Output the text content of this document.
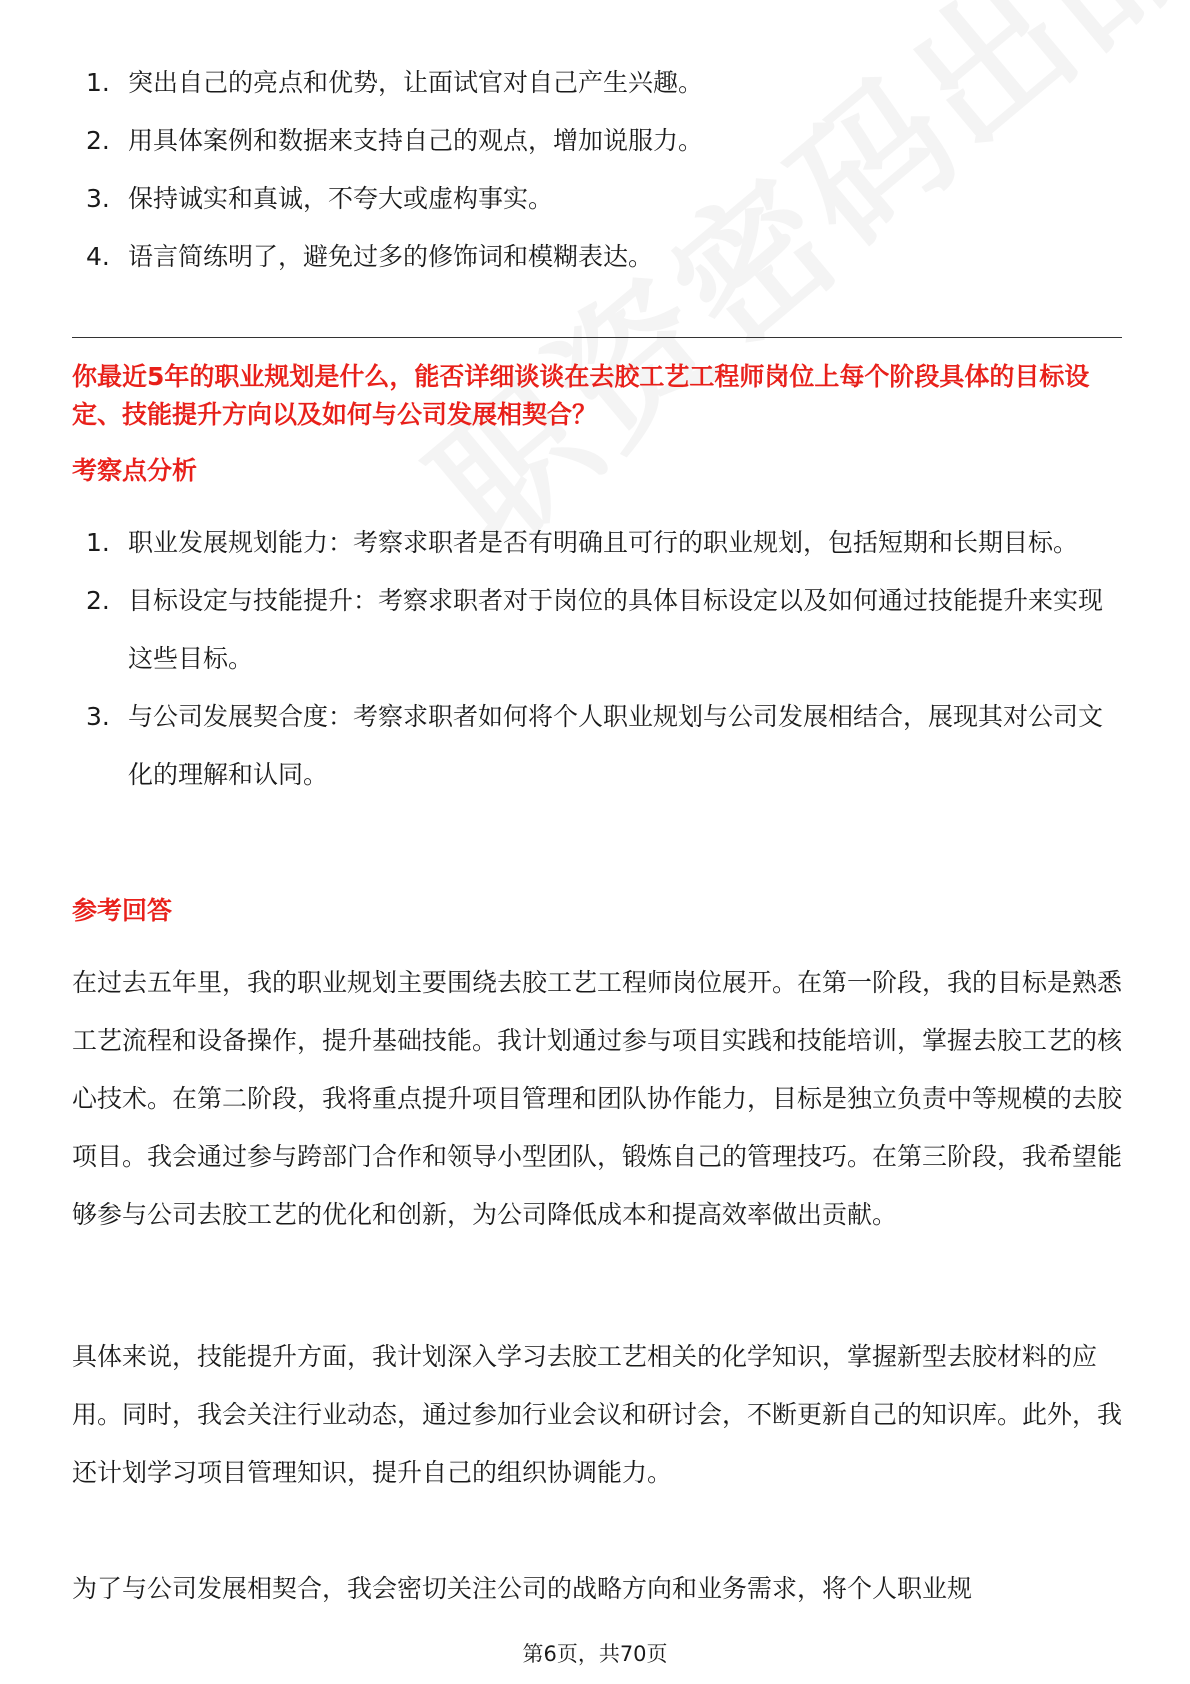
1. 突出自己的亮点和优势，让面试官对自己产生兴趣。
2. 用具体案例和数据来支持自己的观点，增加说服力。
3. 保持诚实和真诚，不夸大或虚构事实。
4. 语言简练明了，避免过多的修饰词和模糊表达。
你最近5年的职业规划是什么，能否详细谈谈在去胶工艺工程师岗位上每个阶段具体的目标设定、技能提升方向以及如何与公司发展相契合？
考察点分析
1. 职业发展规划能力：考察求职者是否有明确且可行的职业规划，包括短期和长期目标。
2. 目标设定与技能提升：考察求职者对于岗位的具体目标设定以及如何通过技能提升来实现这些目标。
3. 与公司发展契合度：考察求职者如何将个人职业规划与公司发展相结合，展现其对公司文化的理解和认同。
参考回答

在过去五年里，我的职业规划主要围绕去胶工艺工程师岗位展开。在第一阶段，我的目标是熟悉工艺流程和设备操作，提升基础技能。我计划通过参与项目实践和技能培训，掌握去胶工艺的核心技术。在第二阶段，我将重点提升项目管理和团队协作能力，目标是独立负责中等规模的去胶项目。我会通过参与跨部门合作和领导小型团队，锻炼自己的管理技巧。在第三阶段，我希望能够参与公司去胶工艺的优化和创新，为公司降低成本和提高效率做出贡献。

具体来说，技能提升方面，我计划深入学习去胶工艺相关的化学知识，掌握新型去胶材料的应用。同时，我会关注行业动态，通过参加行业会议和研讨会，不断更新自己的知识库。此外，我还计划学习项目管理知识，提升自己的组织协调能力。

为了与公司发展相契合，我会密切关注公司的战略方向和业务需求，将个人职业规

第6页，共70页
